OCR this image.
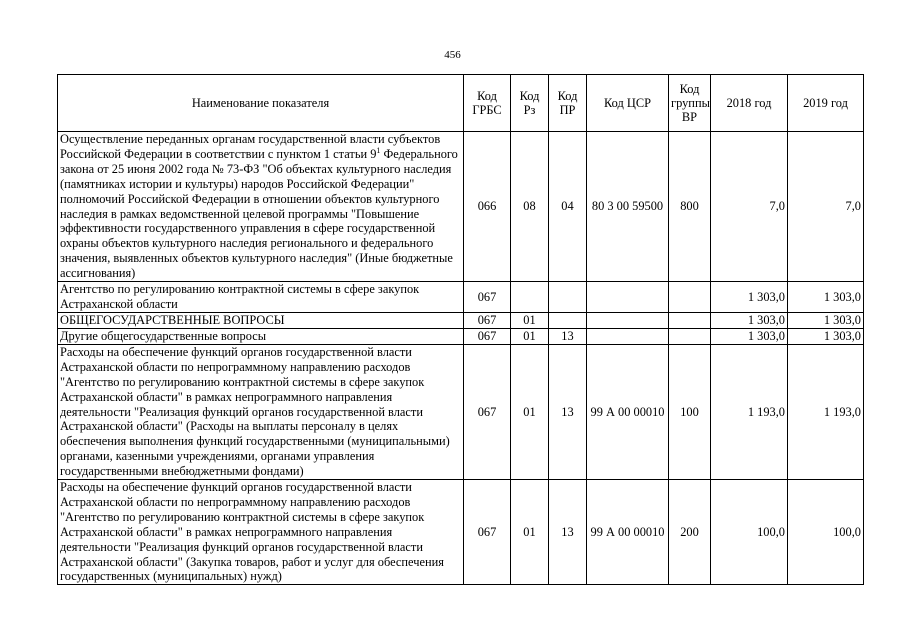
456
Наименование показателя	Код ГРБС	Код Рз	Код ПР	Код ЦСР	Код группы ВР	2018 год	2019 год
Осуществление переданных органам государственной власти субъектов Российской Федерации в соответствии с пунктом 1 статьи $9^1$ Федерального закона от 25 июня 2002 года № 73-ФЗ "Об объектах культурного наследия (памятниках истории и культуры) народов Российской Федерации" полномочий Российской Федерации в отношении объектов культурного наследия в рамках ведомственной целевой программы "Повышение эффективности государственного управления в сфере государственной охраны объектов культурного наследия регионального и федерального значения, выявленных объектов культурного наследия" (Иные бюджетные ассигнования)	066	08	04	80 3 00 59500	800	7,0	7,0
Агентство по регулированию контрактной системы в сфере закупок Астраханской области	067					1 303,0	1 303,0
ОБЩЕГОСУДАРСТВЕННЫЕ ВОПРОСЫ	067	01				1 303,0	1 303,0
Другие общегосударственные вопросы	067	01	13			1 303,0	1 303,0
Расходы на обеспечение функций органов государственной власти Астраханской области по непрограммному направлению расходов "Агентство по регулированию контрактной системы в сфере закупок Астраханской области" в рамках непрограммного направления деятельности "Реализация функций органов государственной власти Астраханской области" (Расходы на выплаты персоналу в целях обеспечения выполнения функций государственными (муниципальными) органами, казенными учреждениями, органами управления государственными внебюджетными фондами)	067	01	13	99 А 00 00010	100	1 193,0	1 193,0
Расходы на обеспечение функций органов государственной власти Астраханской области по непрограммному направлению расходов "Агентство по регулированию контрактной системы в сфере закупок Астраханской области" в рамках непрограммного направления деятельности "Реализация функций органов государственной власти Астраханской области" (Закупка товаров, работ и услуг для обеспечения государственных (муниципальных) нужд)	067	01	13	99 А 00 00010	200	100,0	100,0
